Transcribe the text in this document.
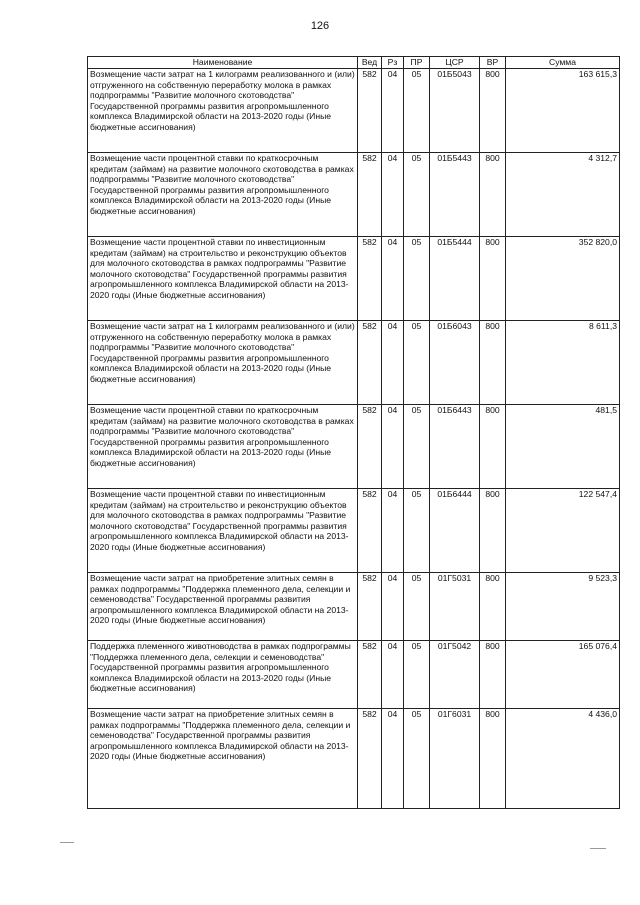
126
Наименование	Вед	Рз	ПР	ЦСР	ВР	Сумма
Возмещение части затрат на 1 килограмм реализованного и (или) отгруженного на собственную переработку молока в рамках подпрограммы "Развитие молочного скотоводства" Государственной программы развития агропромышленного комплекса Владимирской области на 2013-2020 годы (Иные бюджетные ассигнования)	582	04	05	01Б5043	800	163 615,3
Возмещение части процентной ставки по краткосрочным кредитам (займам) на развитие молочного скотоводства в рамках подпрограммы "Развитие молочного скотоводства" Государственной программы развития агропромышленного комплекса Владимирской области на 2013-2020 годы (Иные бюджетные ассигнования)	582	04	05	01Б5443	800	4 312,7
Возмещение части процентной ставки по инвестиционным кредитам (займам) на строительство и реконструкцию объектов для молочного скотоводства в рамках подпрограммы "Развитие молочного скотоводства" Государственной программы развития агропромышленного комплекса Владимирской области на 2013-2020 годы (Иные бюджетные ассигнования)	582	04	05	01Б5444	800	352 820,0
Возмещение части затрат на 1 килограмм реализованного и (или) отгруженного на собственную переработку молока в рамках подпрограммы "Развитие молочного скотоводства" Государственной программы развития агропромышленного комплекса Владимирской области на 2013-2020 годы (Иные бюджетные ассигнования)	582	04	05	01Б6043	800	8 611,3
Возмещение части процентной ставки по краткосрочным кредитам (займам) на развитие молочного скотоводства в рамках подпрограммы "Развитие молочного скотоводства" Государственной программы развития агропромышленного комплекса Владимирской области на 2013-2020 годы (Иные бюджетные ассигнования)	582	04	05	01Б6443	800	481,5
Возмещение части процентной ставки по инвестиционным кредитам (займам) на строительство и реконструкцию объектов для молочного скотоводства в рамках подпрограммы "Развитие молочного скотоводства" Государственной программы развития агропромышленного комплекса Владимирской области на 2013-2020 годы (Иные бюджетные ассигнования)	582	04	05	01Б6444	800	122 547,4
Возмещение части затрат на приобретение элитных семян в рамках подпрограммы "Поддержка племенного дела, селекции и семеноводства" Государственной программы развития агропромышленного комплекса Владимирской области на 2013-2020 годы (Иные бюджетные ассигнования)	582	04	05	01Г5031	800	9 523,3
Поддержка племенного животноводства в рамках подпрограммы "Поддержка племенного дела, селекции и семеноводства" Государственной программы развития агропромышленного комплекса Владимирской области на 2013-2020 годы (Иные бюджетные ассигнования)	582	04	05	01Г5042	800	165 076,4
Возмещение части затрат на приобретение элитных семян в рамках подпрограммы "Поддержка племенного дела, селекции и семеноводства" Государственной программы развития агропромышленного комплекса Владимирской области на 2013-2020 годы (Иные бюджетные ассигнования)	582	04	05	01Г6031	800	4 436,0
